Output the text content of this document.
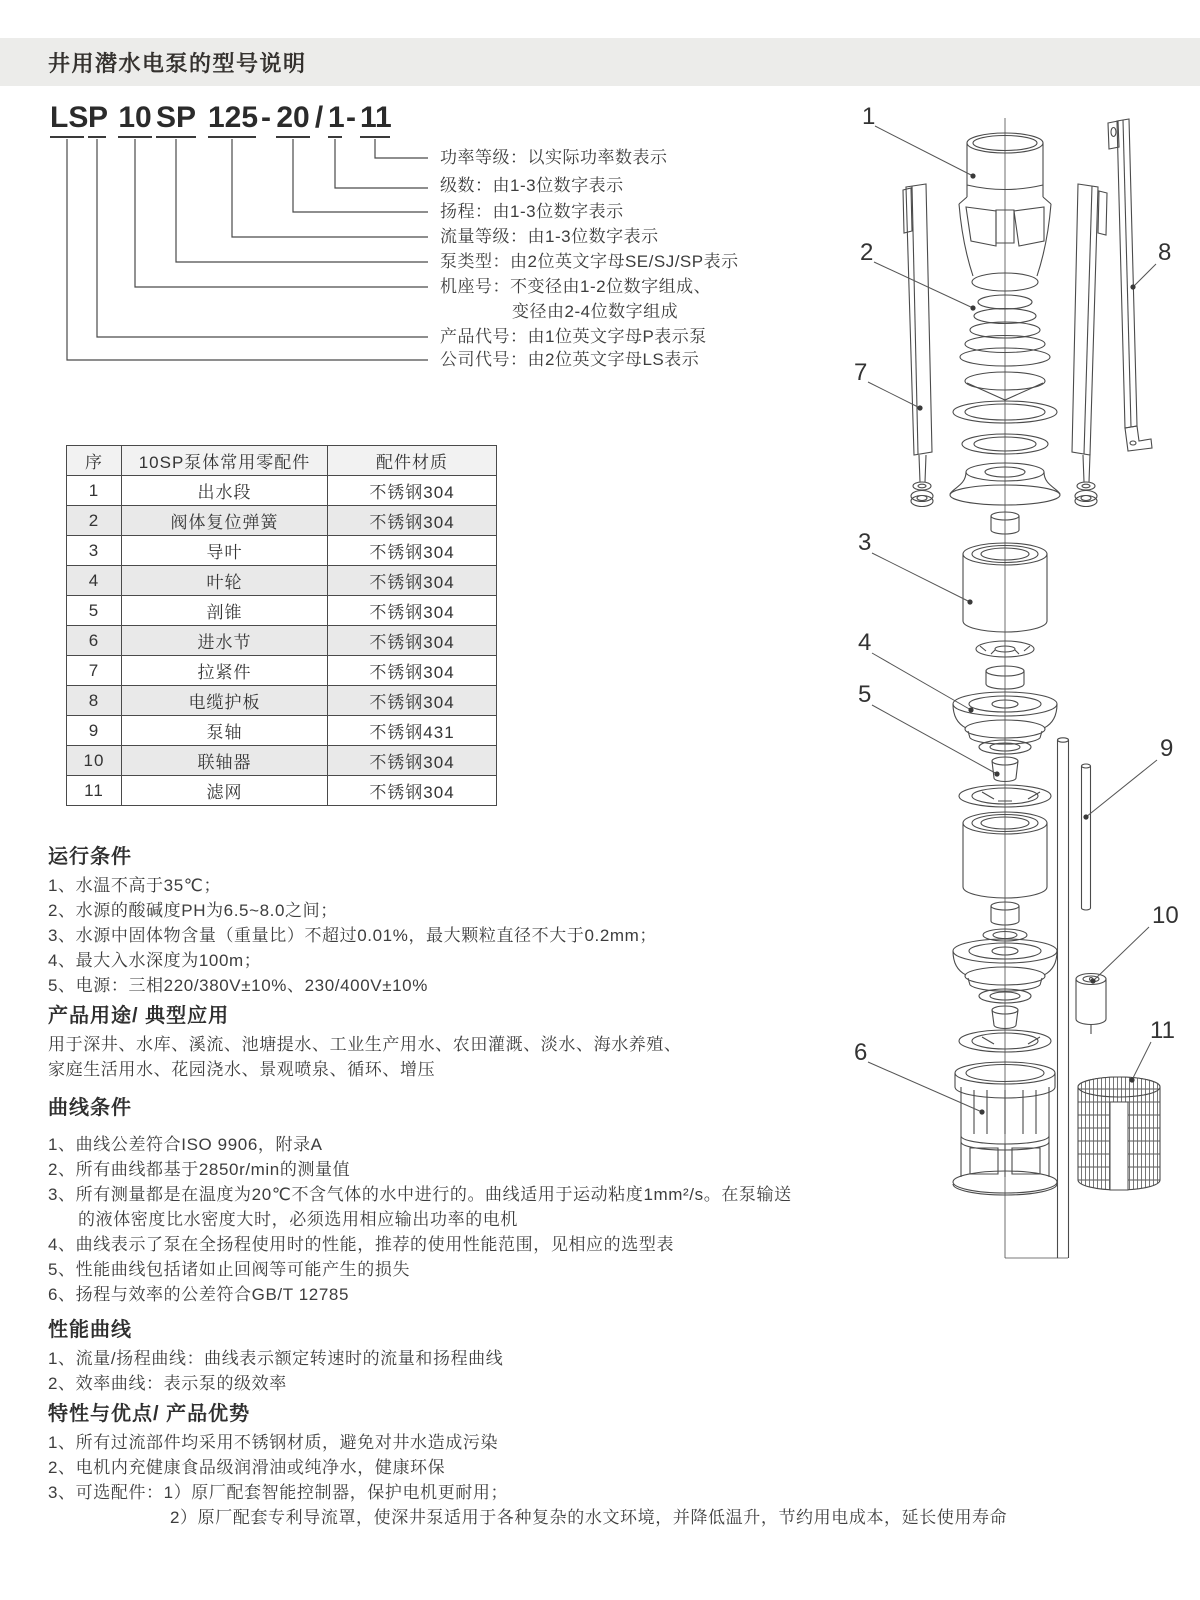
井用潜水电泵的型号说明
LSP 10 SP 125- 20 / 1- 11
功率等级：以实际功率数表示
级数：由1-3位数字表示
扬程：由1-3位数字表示
流量等级：由1-3位数字表示
泵类型：由2位英文字母SE/SJ/SP表示
机座号：不变径由1-2位数字组成、
变径由2-4位数字组成
产品代号：由1位英文字母P表示泵
公司代号：由2位英文字母LS表示
序	10SP泵体常用零配件	配件材质
1	出水段	不锈钢304
2	阀体复位弹簧	不锈钢304
3	导叶	不锈钢304
4	叶轮	不锈钢304
5	剖锥	不锈钢304
6	进水节	不锈钢304
7	拉紧件	不锈钢304
8	电缆护板	不锈钢304
9	泵轴	不锈钢431
10	联轴器	不锈钢304
11	滤网	不锈钢304
运行条件
1、水温不高于35℃；
2、水源的酸碱度PH为6.5~8.0之间；
3、水源中固体物含量（重量比）不超过0.01%，最大颗粒直径不大于0.2mm；
4、最大入水深度为100m；
5、电源：三相220/380V±10%、230/400V±10%
产品用途/ 典型应用
用于深井、水库、溪流、池塘提水、工业生产用水、农田灌溉、淡水、海水养殖、
家庭生活用水、花园浇水、景观喷泉、循环、增压
曲线条件
1、曲线公差符合ISO 9906，附录A
2、所有曲线都基于2850r/min的测量值
3、所有测量都是在温度为20℃不含气体的水中进行的。曲线适用于运动粘度1mm²/s。在泵输送
的液体密度比水密度大时，必须选用相应输出功率的电机
4、曲线表示了泵在全扬程使用时的性能，推荐的使用性能范围，见相应的选型表
5、性能曲线包括诸如止回阀等可能产生的损失
6、扬程与效率的公差符合GB/T 12785
性能曲线
1、流量/扬程曲线：曲线表示额定转速时的流量和扬程曲线
2、效率曲线：表示泵的级效率
特性与优点/ 产品优势
1、所有过流部件均采用不锈钢材质，避免对井水造成污染
2、电机内充健康食品级润滑油或纯净水，健康环保
3、可选配件：1）原厂配套智能控制器，保护电机更耐用；
2）原厂配套专利导流罩，使深井泵适用于各种复杂的水文环境，并降低温升，节约用电成本，延长使用寿命
1
2
7
8
3
4
5
9
10
6
11
